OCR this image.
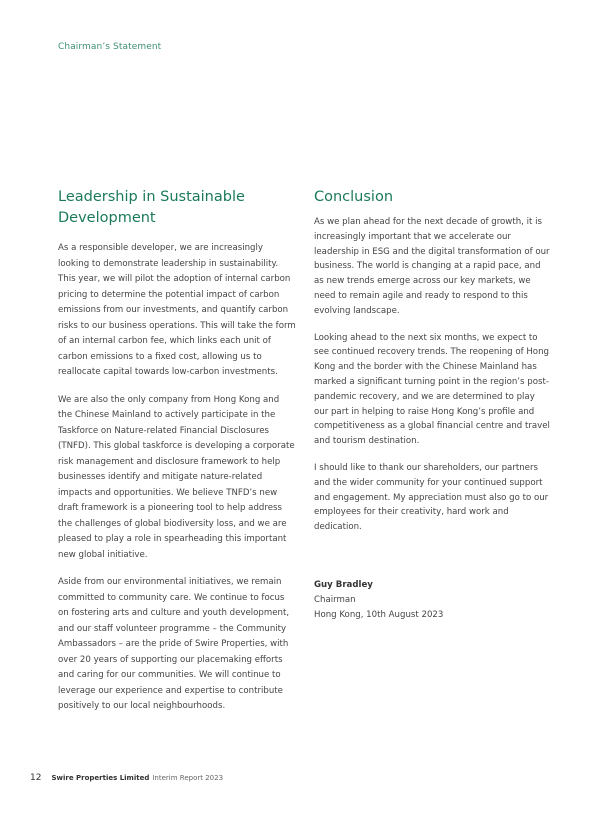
Chairman’s Statement
Leadership in Sustainable Development

As a responsible developer, we are increasingly looking to demonstrate leadership in sustainability. This year, we will pilot the adoption of internal carbon pricing to determine the potential impact of carbon emissions from our investments, and quantify carbon risks to our business operations. This will take the form of an internal carbon fee, which links each unit of carbon emissions to a fixed cost, allowing us to reallocate capital towards low-carbon investments.

We are also the only company from Hong Kong and the Chinese Mainland to actively participate in the Taskforce on Nature-related Financial Disclosures (TNFD). This global taskforce is developing a corporate risk management and disclosure framework to help businesses identify and mitigate nature-related impacts and opportunities. We believe TNFD’s new draft framework is a pioneering tool to help address the challenges of global biodiversity loss, and we are pleased to play a role in spearheading this important new global initiative.

Aside from our environmental initiatives, we remain committed to community care. We continue to focus on fostering arts and culture and youth development, and our staff volunteer programme – the Community Ambassadors – are the pride of Swire Properties, with over 20 years of supporting our placemaking efforts and caring for our communities. We will continue to leverage our experience and expertise to contribute positively to our local neighbourhoods.

Conclusion

As we plan ahead for the next decade of growth, it is increasingly important that we accelerate our leadership in ESG and the digital transformation of our business. The world is changing at a rapid pace, and as new trends emerge across our key markets, we need to remain agile and ready to respond to this evolving landscape.

Looking ahead to the next six months, we expect to see continued recovery trends. The reopening of Hong Kong and the border with the Chinese Mainland has marked a significant turning point in the region’s post-pandemic recovery, and we are determined to play our part in helping to raise Hong Kong’s profile and competitiveness as a global financial centre and travel and tourism destination.

I should like to thank our shareholders, our partners and the wider community for your continued support and engagement. My appreciation must also go to our employees for their creativity, hard work and dedication.

Guy Bradley
Chairman
Hong Kong, 10th August 2023
12 Swire Properties Limited Interim Report 2023
